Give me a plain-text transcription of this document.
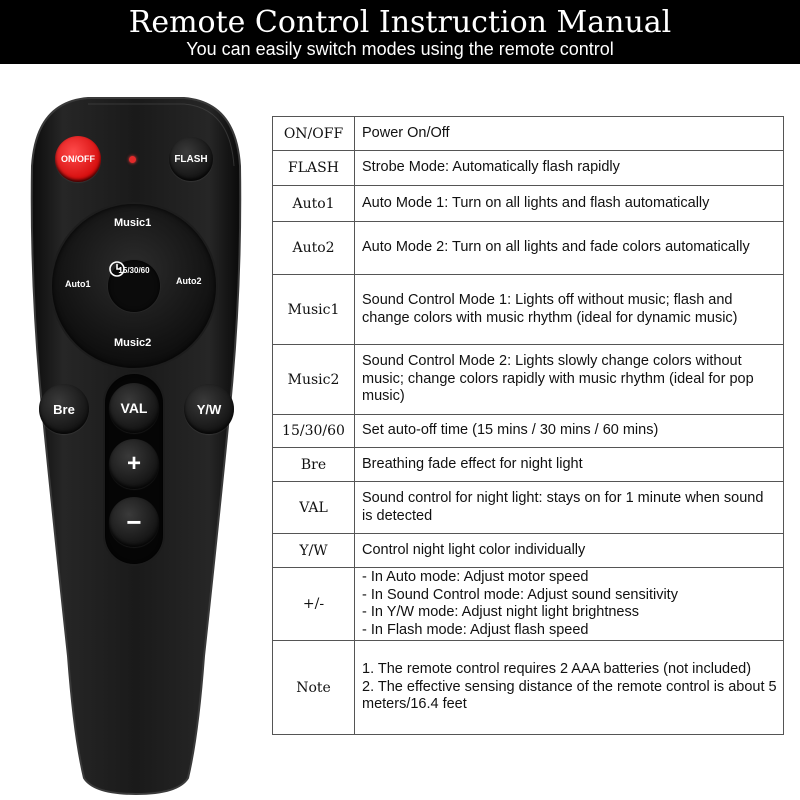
Remote Control Instruction Manual
You can easily switch modes using the remote control
ON/OFF	FLASH
Music1
Music2
Auto1	Auto2
15/30/60
Bre	VAL	Y/W
+
−
ON/OFF	Power On/Off

FLASH	Strobe Mode: Automatically flash rapidly

Auto1	Auto Mode 1: Turn on all lights and flash automatically

Auto2	Auto Mode 2: Turn on all lights and fade colors automatically

Music1	Sound Control Mode 1: Lights off without music; flash and change colors with music rhythm (ideal for dynamic music)

Music2	Sound Control Mode 2: Lights slowly change colors without music; change colors rapidly with music rhythm (ideal for pop music)

15/30/60	Set auto-off time (15 mins / 30 mins / 60 mins)

Bre	Breathing fade effect for night light

VAL	Sound control for night light: stays on for 1 minute when sound is detected

Y/W	Control night light color individually

+/-	- In Auto mode: Adjust motor speed
- In Sound Control mode: Adjust sound sensitivity
- In Y/W mode: Adjust night light brightness
- In Flash mode: Adjust flash speed

Note	1. The remote control requires 2 AAA batteries (not included)
2. The effective sensing distance of the remote control is about 5 meters/16.4 feet
